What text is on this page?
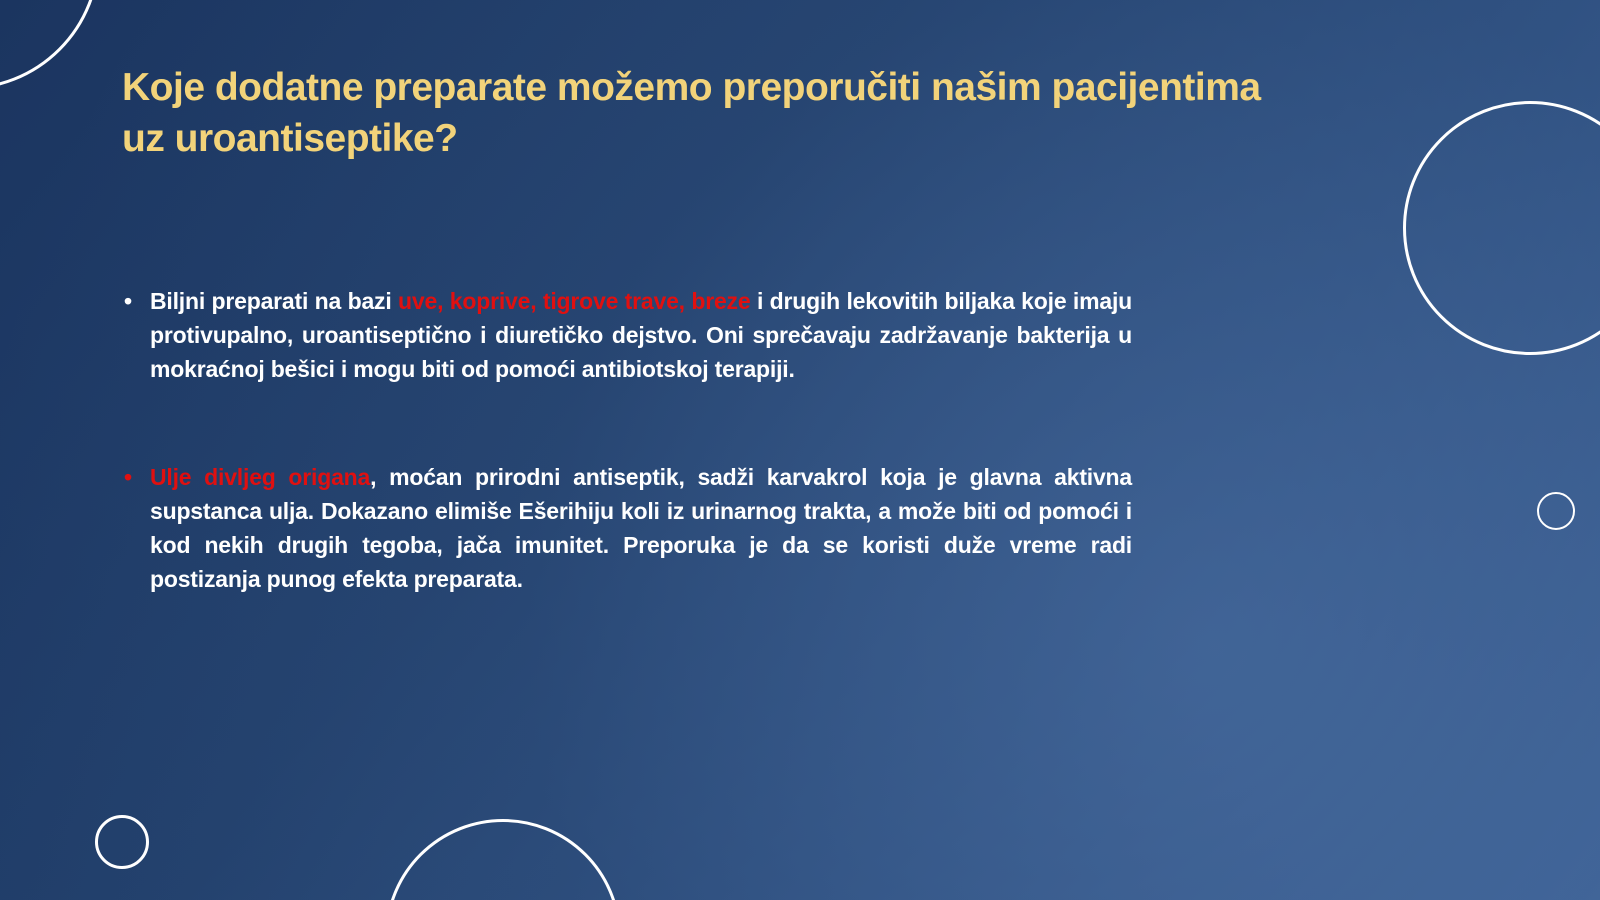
Koje dodatne preparate možemo preporučiti našim pacijentima uz uroantiseptike?
• Biljni preparati na bazi uve, koprive, tigrove trave, breze i drugih lekovitih biljaka koje imaju protivupalno, uroantiseptično i diuretičko dejstvo. Oni sprečavaju zadržavanje bakterija u mokraćnoj bešici i mogu biti od pomoći antibiotskoj terapiji.
• Ulje divljeg origana, moćan prirodni antiseptik, sadži karvakrol koja je glavna aktivna supstanca ulja. Dokazano elimiše Ešerihiju koli iz urinarnog trakta, a može biti od pomoći i kod nekih drugih tegoba, jača imunitet. Preporuka je da se koristi duže vreme radi postizanja punog efekta preparata.
